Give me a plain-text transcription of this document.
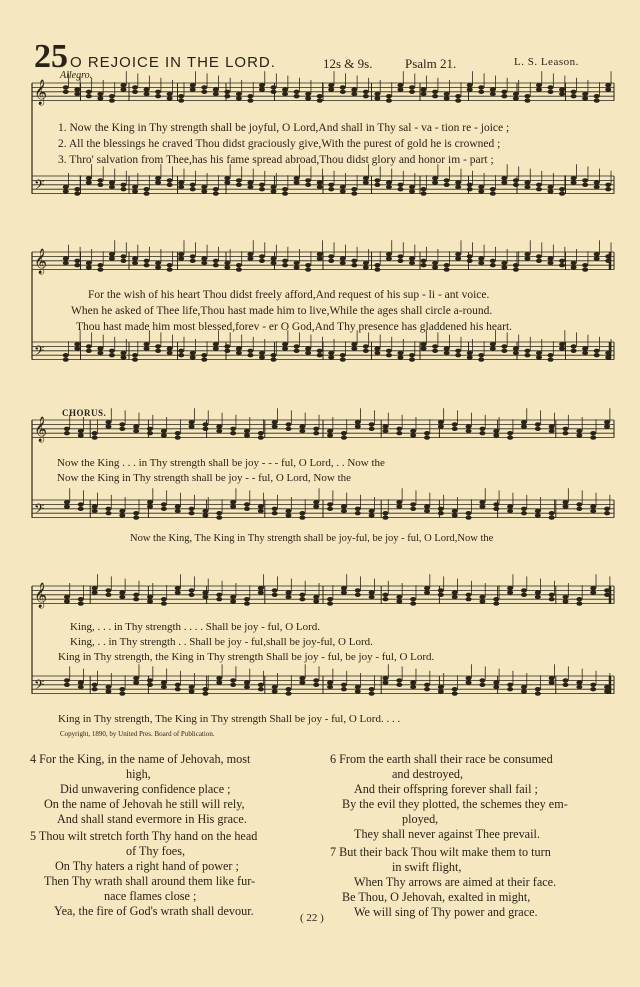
25 O REJOICE IN THE LORD.	12s & 9s.	Psalm 21.	L. S. Leason.
Allegro.
𝄞
𝄢
𝄞
𝄢
𝄞
𝄢
𝄞
𝄢
1. Now the King in Thy strength shall be joyful, O Lord,And shall in Thy sal - va - tion re - joice ;
2. All the blessings he craved Thou didst graciously give,With the purest of gold he is crowned ;
3. Thro' salvation from Thee,has his fame spread abroad,Thou didst glory and honor im - part ;
For the wish of his heart Thou didst freely afford,And request of his sup - li - ant voice.
When he asked of Thee life,Thou hast made him to live,While the ages shall circle a-round.
Thou hast made him most blessed,forev - er O God,And Thy presence has gladdened his heart.
CHORUS.
Now the King . . . in Thy strength shall be joy - - - ful, O Lord, . . Now the
Now the King in Thy strength shall be joy - - ful, O Lord, Now the
Now the King, The King in Thy strength shall be joy-ful, be joy - ful, O Lord,Now the
King, . . . in Thy strength . . . . Shall be joy - ful, O Lord.
King, . . in Thy strength . . Shall be joy - ful,shall be joy-ful, O Lord.
King in Thy strength, the King in Thy strength Shall be joy - ful, be joy - ful, O Lord.
King in Thy strength, The King in Thy strength Shall be joy - ful, O Lord. . . .
Copyright, 1890, by United Pres. Board of Publication.
4 For the King, in the name of Jehovah, most
high,
Did unwavering confidence place ;
On the name of Jehovah he still will rely,
And shall stand evermore in His grace.
5 Thou wilt stretch forth Thy hand on the head
of Thy foes,
On Thy haters a right hand of power ;
Then Thy wrath shall around them like fur-
nace flames close ;
Yea, the fire of God's wrath shall devour.
6 From the earth shall their race be consumed
and destroyed,
And their offspring forever shall fail ;
By the evil they plotted, the schemes they em-
ployed,
They shall never against Thee prevail.
7 But their back Thou wilt make them to turn
in swift flight,
When Thy arrows are aimed at their face.
Be Thou, O Jehovah, exalted in might,
We will sing of Thy power and grace.
( 22 )
